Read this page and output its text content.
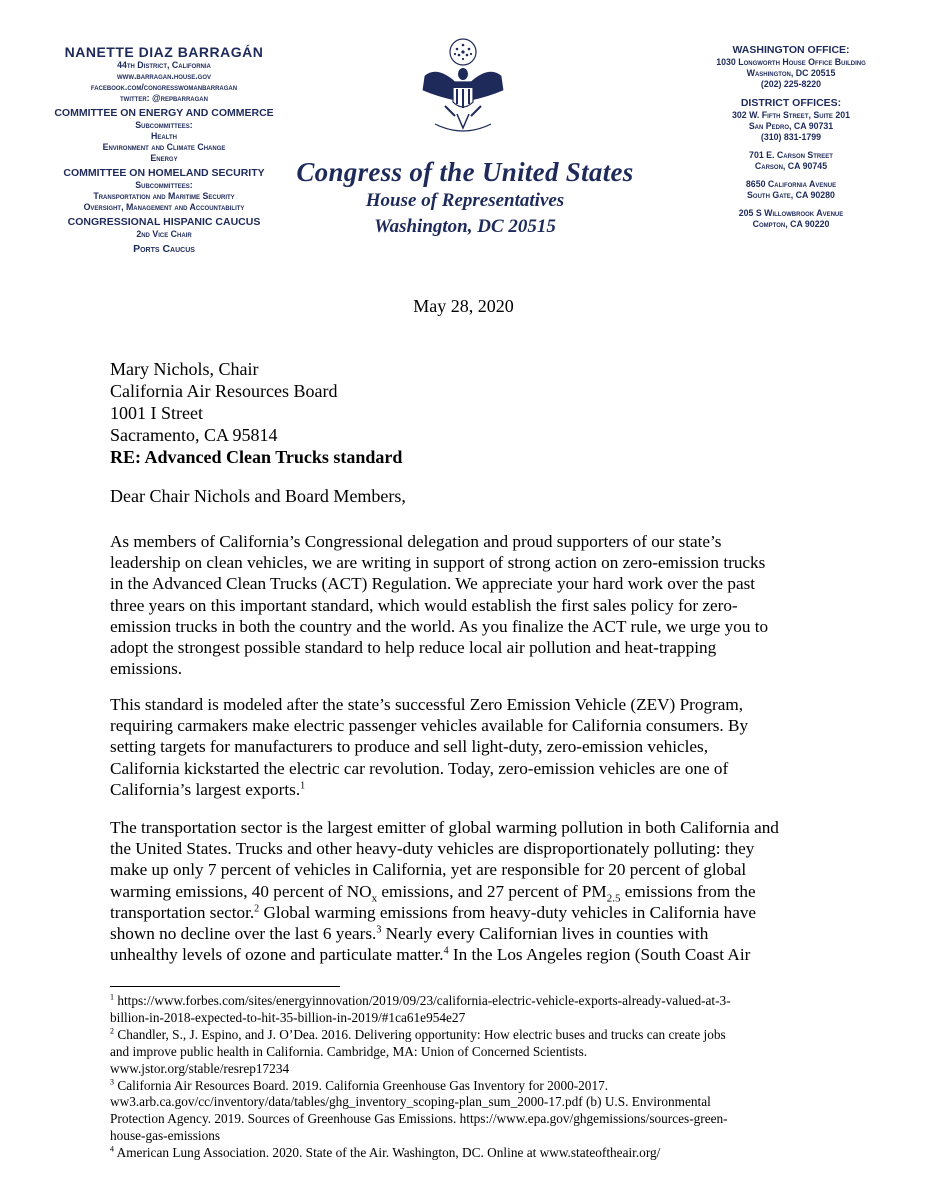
NANETTE DIAZ BARRAGÁN
44th District, California
www.barragan.house.gov
facebook.com/congresswomanbarragan
twitter: @repbarragan
COMMITTEE ON ENERGY AND COMMERCE
Subcommittees:
Health
Environment and Climate Change
Energy
COMMITTEE ON HOMELAND SECURITY
Subcommittees:
Transportation and Maritime Security
Oversight, Management and Accountability
CONGRESSIONAL HISPANIC CAUCUS
2nd Vice Chair
Ports Caucus
Congress of the United States
House of Representatives
Washington, DC 20515
WASHINGTON OFFICE:
1030 Longworth House Office Building
Washington, DC 20515
(202) 225-8220
DISTRICT OFFICES:
302 W. Fifth Street, Suite 201
San Pedro, CA 90731
(310) 831-1799
701 E. Carson Street
Carson, CA 90745
8650 California Avenue
South Gate, CA 90280
205 S Willowbrook Avenue
Compton, CA 90220
May 28, 2020
Mary Nichols, Chair
California Air Resources Board
1001 I Street
Sacramento, CA 95814
RE: Advanced Clean Trucks standard
Dear Chair Nichols and Board Members,
As members of California’s Congressional delegation and proud supporters of our state’s
leadership on clean vehicles, we are writing in support of strong action on zero-emission trucks
in the Advanced Clean Trucks (ACT) Regulation. We appreciate your hard work over the past
three years on this important standard, which would establish the first sales policy for zero-
emission trucks in both the country and the world. As you finalize the ACT rule, we urge you to
adopt the strongest possible standard to help reduce local air pollution and heat-trapping
emissions.
This standard is modeled after the state’s successful Zero Emission Vehicle (ZEV) Program,
requiring carmakers make electric passenger vehicles available for California consumers. By
setting targets for manufacturers to produce and sell light-duty, zero-emission vehicles,
California kickstarted the electric car revolution. Today, zero-emission vehicles are one of
California’s largest exports.$^1$
The transportation sector is the largest emitter of global warming pollution in both California and
the United States. Trucks and other heavy-duty vehicles are disproportionately polluting: they
make up only 7 percent of vehicles in California, yet are responsible for 20 percent of global
warming emissions, 40 percent of $NO_x$ emissions, and 27 percent of $PM_{2.5}$ emissions from the
transportation sector.$^2$ Global warming emissions from heavy-duty vehicles in California have
shown no decline over the last 6 years.$^3$ Nearly every Californian lives in counties with
unhealthy levels of ozone and particulate matter.$^4$ In the Los Angeles region (South Coast Air
$^1$ https://www.forbes.com/sites/energyinnovation/2019/09/23/california-electric-vehicle-exports-already-valued-at-3-
billion-in-2018-expected-to-hit-35-billion-in-2019/#1ca61e954e27
$^2$ Chandler, S., J. Espino, and J. O’Dea. 2016. Delivering opportunity: How electric buses and trucks can create jobs
and improve public health in California. Cambridge, MA: Union of Concerned Scientists.
www.jstor.org/stable/resrep17234
$^3$ California Air Resources Board. 2019. California Greenhouse Gas Inventory for 2000-2017.
ww3.arb.ca.gov/cc/inventory/data/tables/ghg_inventory_scoping-plan_sum_2000-17.pdf (b) U.S. Environmental
Protection Agency. 2019. Sources of Greenhouse Gas Emissions. https://www.epa.gov/ghgemissions/sources-green-
house-gas-emissions
$^4$ American Lung Association. 2020. State of the Air. Washington, DC. Online at www.stateoftheair.org/
